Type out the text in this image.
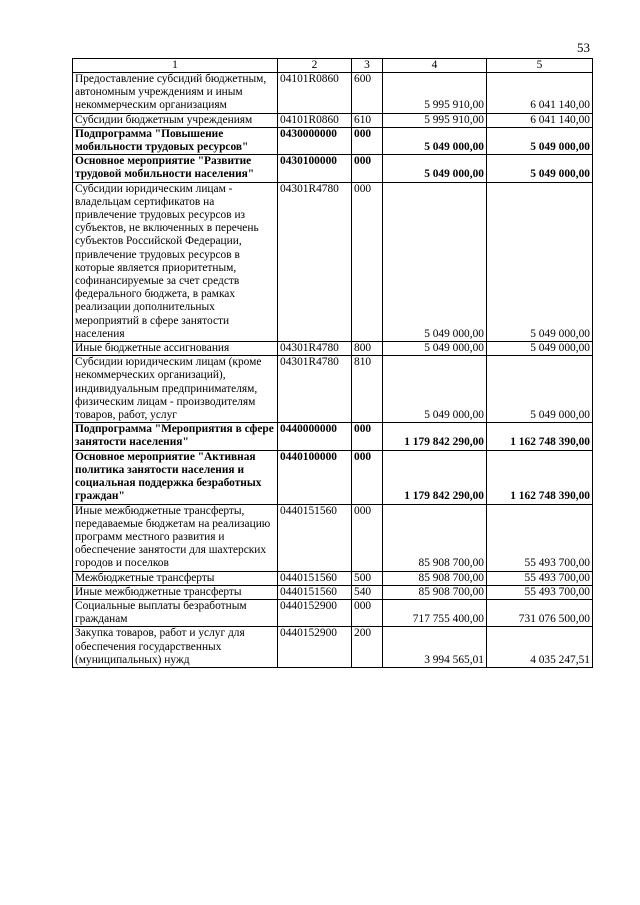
53
1	2	3	4	5
Предоставление субсидий бюджетным, автономным учреждениям и иным некоммерческим организациям	04101R0860	600	5 995 910,00	6 041 140,00
Субсидии бюджетным учреждениям	04101R0860	610	5 995 910,00	6 041 140,00
Подпрограмма "Повышение мобильности трудовых ресурсов"	0430000000	000	5 049 000,00	5 049 000,00
Основное мероприятие "Развитие трудовой мобильности населения"	0430100000	000	5 049 000,00	5 049 000,00
Субсидии юридическим лицам - владельцам сертификатов на привлечение трудовых ресурсов из субъектов, не включенных в перечень субъектов Российской Федерации, привлечение трудовых ресурсов в которые является приоритетным, софинансируемые за счет средств федерального бюджета, в рамках реализации дополнительных мероприятий в сфере занятости населения	04301R4780	000	5 049 000,00	5 049 000,00
Иные бюджетные ассигнования	04301R4780	800	5 049 000,00	5 049 000,00
Субсидии юридическим лицам (кроме некоммерческих организаций), индивидуальным предпринимателям, физическим лицам - производителям товаров, работ, услуг	04301R4780	810	5 049 000,00	5 049 000,00
Подпрограмма "Мероприятия в сфере занятости населения"	0440000000	000	1 179 842 290,00	1 162 748 390,00
Основное мероприятие "Активная политика занятости населения и социальная поддержка безработных граждан"	0440100000	000	1 179 842 290,00	1 162 748 390,00
Иные межбюджетные трансферты, передаваемые бюджетам на реализацию программ местного развития и обеспечение занятости для шахтерских городов и поселков	0440151560	000	85 908 700,00	55 493 700,00
Межбюджетные трансферты	0440151560	500	85 908 700,00	55 493 700,00
Иные межбюджетные трансферты	0440151560	540	85 908 700,00	55 493 700,00
Социальные выплаты безработным гражданам	0440152900	000	717 755 400,00	731 076 500,00
Закупка товаров, работ и услуг для обеспечения государственных (муниципальных) нужд	0440152900	200	3 994 565,01	4 035 247,51
